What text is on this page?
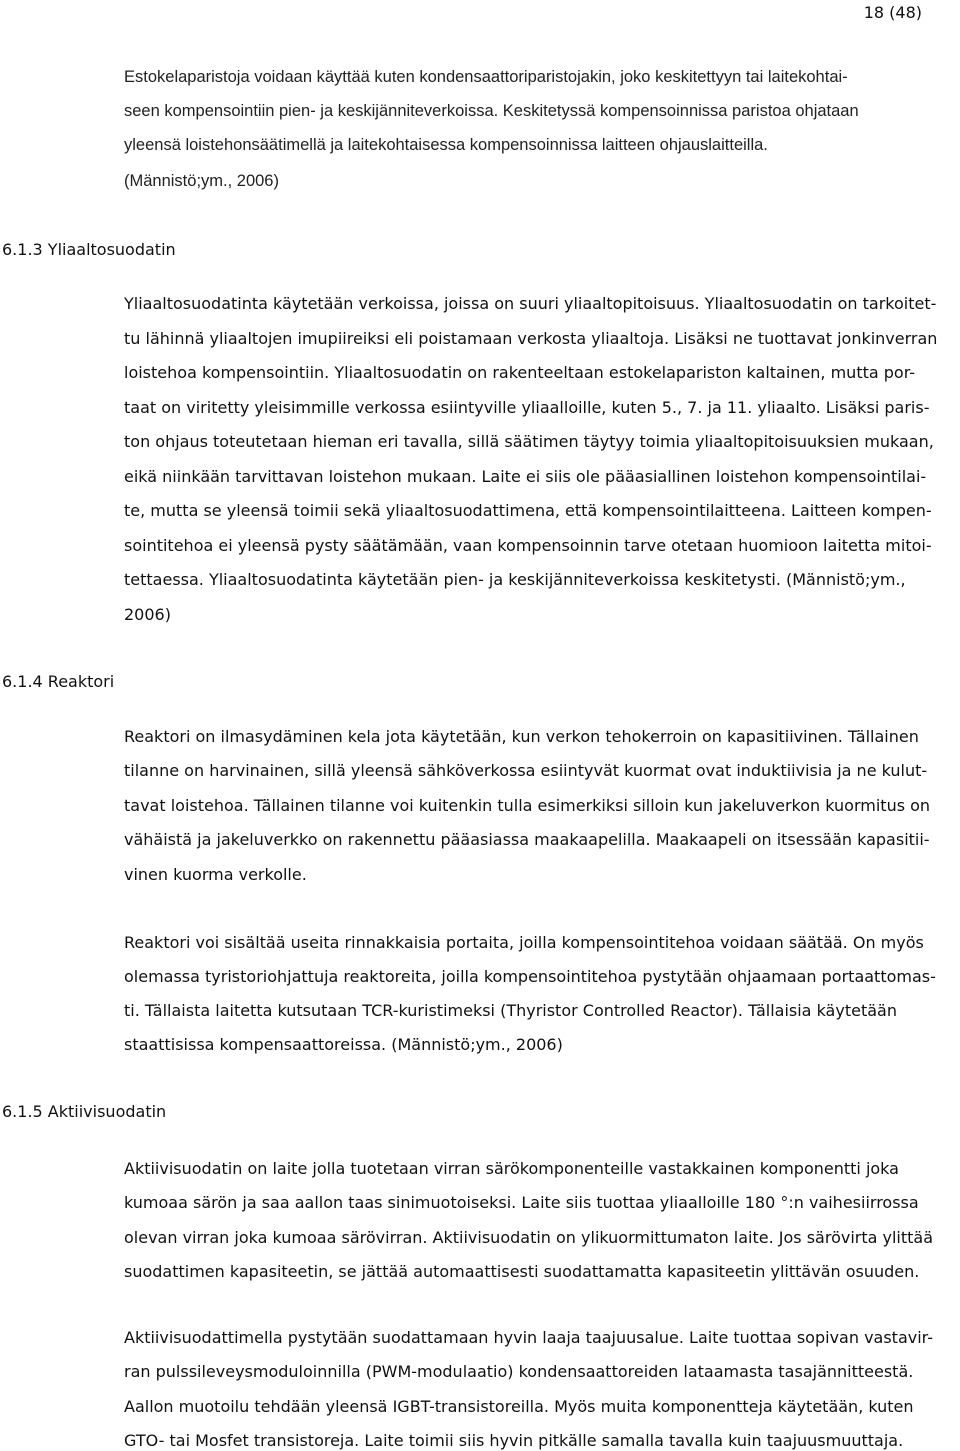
18 (48)
Estokelaparistoja voidaan käyttää kuten kondensaattoriparistojakin, joko keskitettyyn tai laitekohtai-
seen kompensointiin pien- ja keskijänniteverkoissa. Keskitetyssä kompensoinnissa paristoa ohjataan
yleensä loistehonsäätimellä ja laitekohtaisessa kompensoinnissa laitteen ohjauslaitteilla.
(Männistö;ym., 2006)
6.1.3 Yliaaltosuodatin
Yliaaltosuodatinta käytetään verkoissa, joissa on suuri yliaaltopitoisuus. Yliaaltosuodatin on tarkoitet-
tu lähinnä yliaaltojen imupiireiksi eli poistamaan verkosta yliaaltoja. Lisäksi ne tuottavat jonkinverran
loistehoa kompensointiin. Yliaaltosuodatin on rakenteeltaan estokelapariston kaltainen, mutta por-
taat on viritetty yleisimmille verkossa esiintyville yliaalloille, kuten 5., 7. ja 11. yliaalto. Lisäksi paris-
ton ohjaus toteutetaan hieman eri tavalla, sillä säätimen täytyy toimia yliaaltopitoisuuksien mukaan,
eikä niinkään tarvittavan loistehon mukaan. Laite ei siis ole pääasiallinen loistehon kompensointilai-
te, mutta se yleensä toimii sekä yliaaltosuodattimena, että kompensointilaitteena. Laitteen kompen-
sointitehoa ei yleensä pysty säätämään, vaan kompensoinnin tarve otetaan huomioon laitetta mitoi-
tettaessa. Yliaaltosuodatinta käytetään pien- ja keskijänniteverkoissa keskitetysti. (Männistö;ym.,
2006)
6.1.4 Reaktori
Reaktori on ilmasydäminen kela jota käytetään, kun verkon tehokerroin on kapasitiivinen. Tällainen
tilanne on harvinainen, sillä yleensä sähköverkossa esiintyvät kuormat ovat induktiivisia ja ne kulut-
tavat loistehoa. Tällainen tilanne voi kuitenkin tulla esimerkiksi silloin kun jakeluverkon kuormitus on
vähäistä ja jakeluverkko on rakennettu pääasiassa maakaapelilla. Maakaapeli on itsessään kapasitii-
vinen kuorma verkolle.
Reaktori voi sisältää useita rinnakkaisia portaita, joilla kompensointitehoa voidaan säätää. On myös
olemassa tyristoriohjattuja reaktoreita, joilla kompensointitehoa pystytään ohjaamaan portaattomas-
ti. Tällaista laitetta kutsutaan TCR-kuristimeksi (Thyristor Controlled Reactor). Tällaisia käytetään
staattisissa kompensaattoreissa. (Männistö;ym., 2006)
6.1.5 Aktiivisuodatin
Aktiivisuodatin on laite jolla tuotetaan virran särökomponenteille vastakkainen komponentti joka
kumoaa särön ja saa aallon taas sinimuotoiseksi. Laite siis tuottaa yliaalloille 180 °:n vaihesiirrossa
olevan virran joka kumoaa särövirran. Aktiivisuodatin on ylikuormittumaton laite. Jos särövirta ylittää
suodattimen kapasiteetin, se jättää automaattisesti suodattamatta kapasiteetin ylittävän osuuden.
Aktiivisuodattimella pystytään suodattamaan hyvin laaja taajuusalue. Laite tuottaa sopivan vastavir-
ran pulssileveysmoduloinnilla (PWM-modulaatio) kondensaattoreiden lataamasta tasajännitteestä.
Aallon muotoilu tehdään yleensä IGBT-transistoreilla. Myös muita komponentteja käytetään, kuten
GTO- tai Mosfet transistoreja. Laite toimii siis hyvin pitkälle samalla tavalla kuin taajuusmuuttaja.
